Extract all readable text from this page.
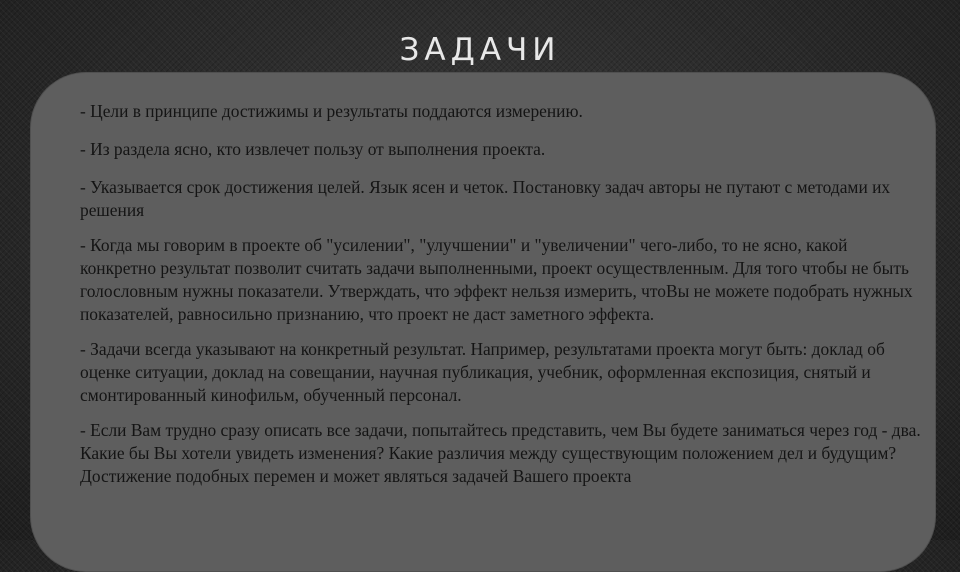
ЗАДАЧИ

- Цели в принципе достижимы и результаты поддаются измерению.

- Из раздела ясно, кто извлечет пользу от выполнения проекта.

- Указывается срок достижения целей. Язык ясен и четок. Постановку задач авторы не путают с методами их решения

- Когда мы говорим в проекте об "усилении", "улучшении" и "увеличении" чего-либо, то не ясно, какой конкретно результат позволит считать задачи выполненными, проект осуществленным. Для того чтобы не быть голословным нужны показатели. Утверждать, что эффект нельзя измерить, чтоВы не можете подобрать нужных показателей, равносильно признанию, что проект не даст заметного эффекта.

- Задачи всегда указывают на конкретный результат. Например, результатами проекта могут быть: доклад об оценке ситуации, доклад на совещании, научная публикация, учебник, оформленная експозиция, снятый и смонтированный кинофильм, обученный персонал.

- Если Вам трудно сразу описать все задачи, попытайтесь представить, чем Вы будете заниматься через год - два. Какие бы Вы хотели увидеть изменения? Какие различия между существующим положением дел и будущим? Достижение подобных перемен и может являться задачей Вашего проекта
